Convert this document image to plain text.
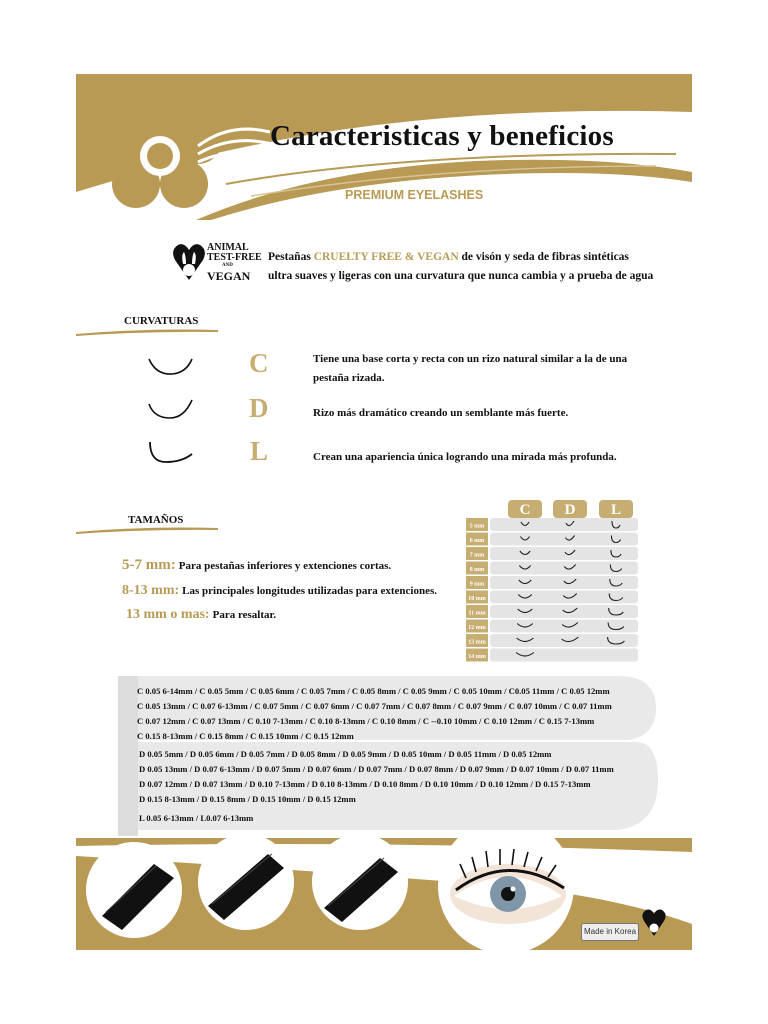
Caracteristicas y beneficios
PREMIUM EYELASHES
ANIMAL
TEST-FREE
AND
VEGAN
Pestañas CRUELTY FREE & VEGAN de visón y seda de fibras sintéticas
ultra suaves y ligeras con una curvatura que nunca cambia y a prueba de agua
CURVATURAS
C
D
L
Tiene una base corta y recta con un rizo natural similar a la de una pestaña rizada.
Rizo más dramático creando un semblante más fuerte.
Crean una apariencia única logrando una mirada más profunda.
TAMAÑOS
5-7 mm: Para pestañas inferiores y extenciones cortas.
8-13 mm: Las principales longitudes utilizadas para extenciones.
13 mm o mas: Para resaltar.
C D L
5 mm
6 mm
7 mm
8 mm
9 mm
10 mm
11 mm
12 mm
13 mm
14 mm
C 0.05 6-14mm / C 0.05 5mm / C 0.05 6mm / C 0.05 7mm / C 0.05 8mm / C 0.05 9mm / C 0.05 10mm / C0.05 11mm / C 0.05 12mm
C 0.05 13mm / C 0.07 6-13mm / C 0.07 5mm / C 0.07 6mm / C 0.07 7mm / C 0.07 8mm / C 0.07 9mm / C 0.07 10mm / C 0.07 11mm
C 0.07 12mm / C 0.07 13mm / C 0.10 7-13mm / C 0.10 8-13mm / C 0.10 8mm / C --0.10 10mm / C 0.10 12mm / C 0.15 7-13mm
C 0.15 8-13mm / C 0.15 8mm / C 0.15 10mm / C 0.15 12mm
D 0.05 5mm / D 0.05 6mm / D 0.05 7mm / D 0.05 8mm / D 0.05 9mm / D 0.05 10mm / D 0.05 11mm / D 0.05 12mm
D 0.05 13mm / D 0.07 6-13mm / D 0.07 5mm / D 0.07 6mm / D 0.07 7mm / D 0.07 8mm / D 0.07 9mm / D 0.07 10mm / D 0.07 11mm
D 0.07 12mm / D 0.07 13mm / D 0.10 7-13mm / D 0.10 8-13mm / D 0.10 8mm / D 0.10 10mm / D 0.10 12mm / D 0.15 7-13mm
D 0.15 8-13mm / D 0.15 8mm / D 0.15 10mm / D 0.15 12mm
L 0.05 6-13mm / L0.07 6-13mm
Made in Korea
